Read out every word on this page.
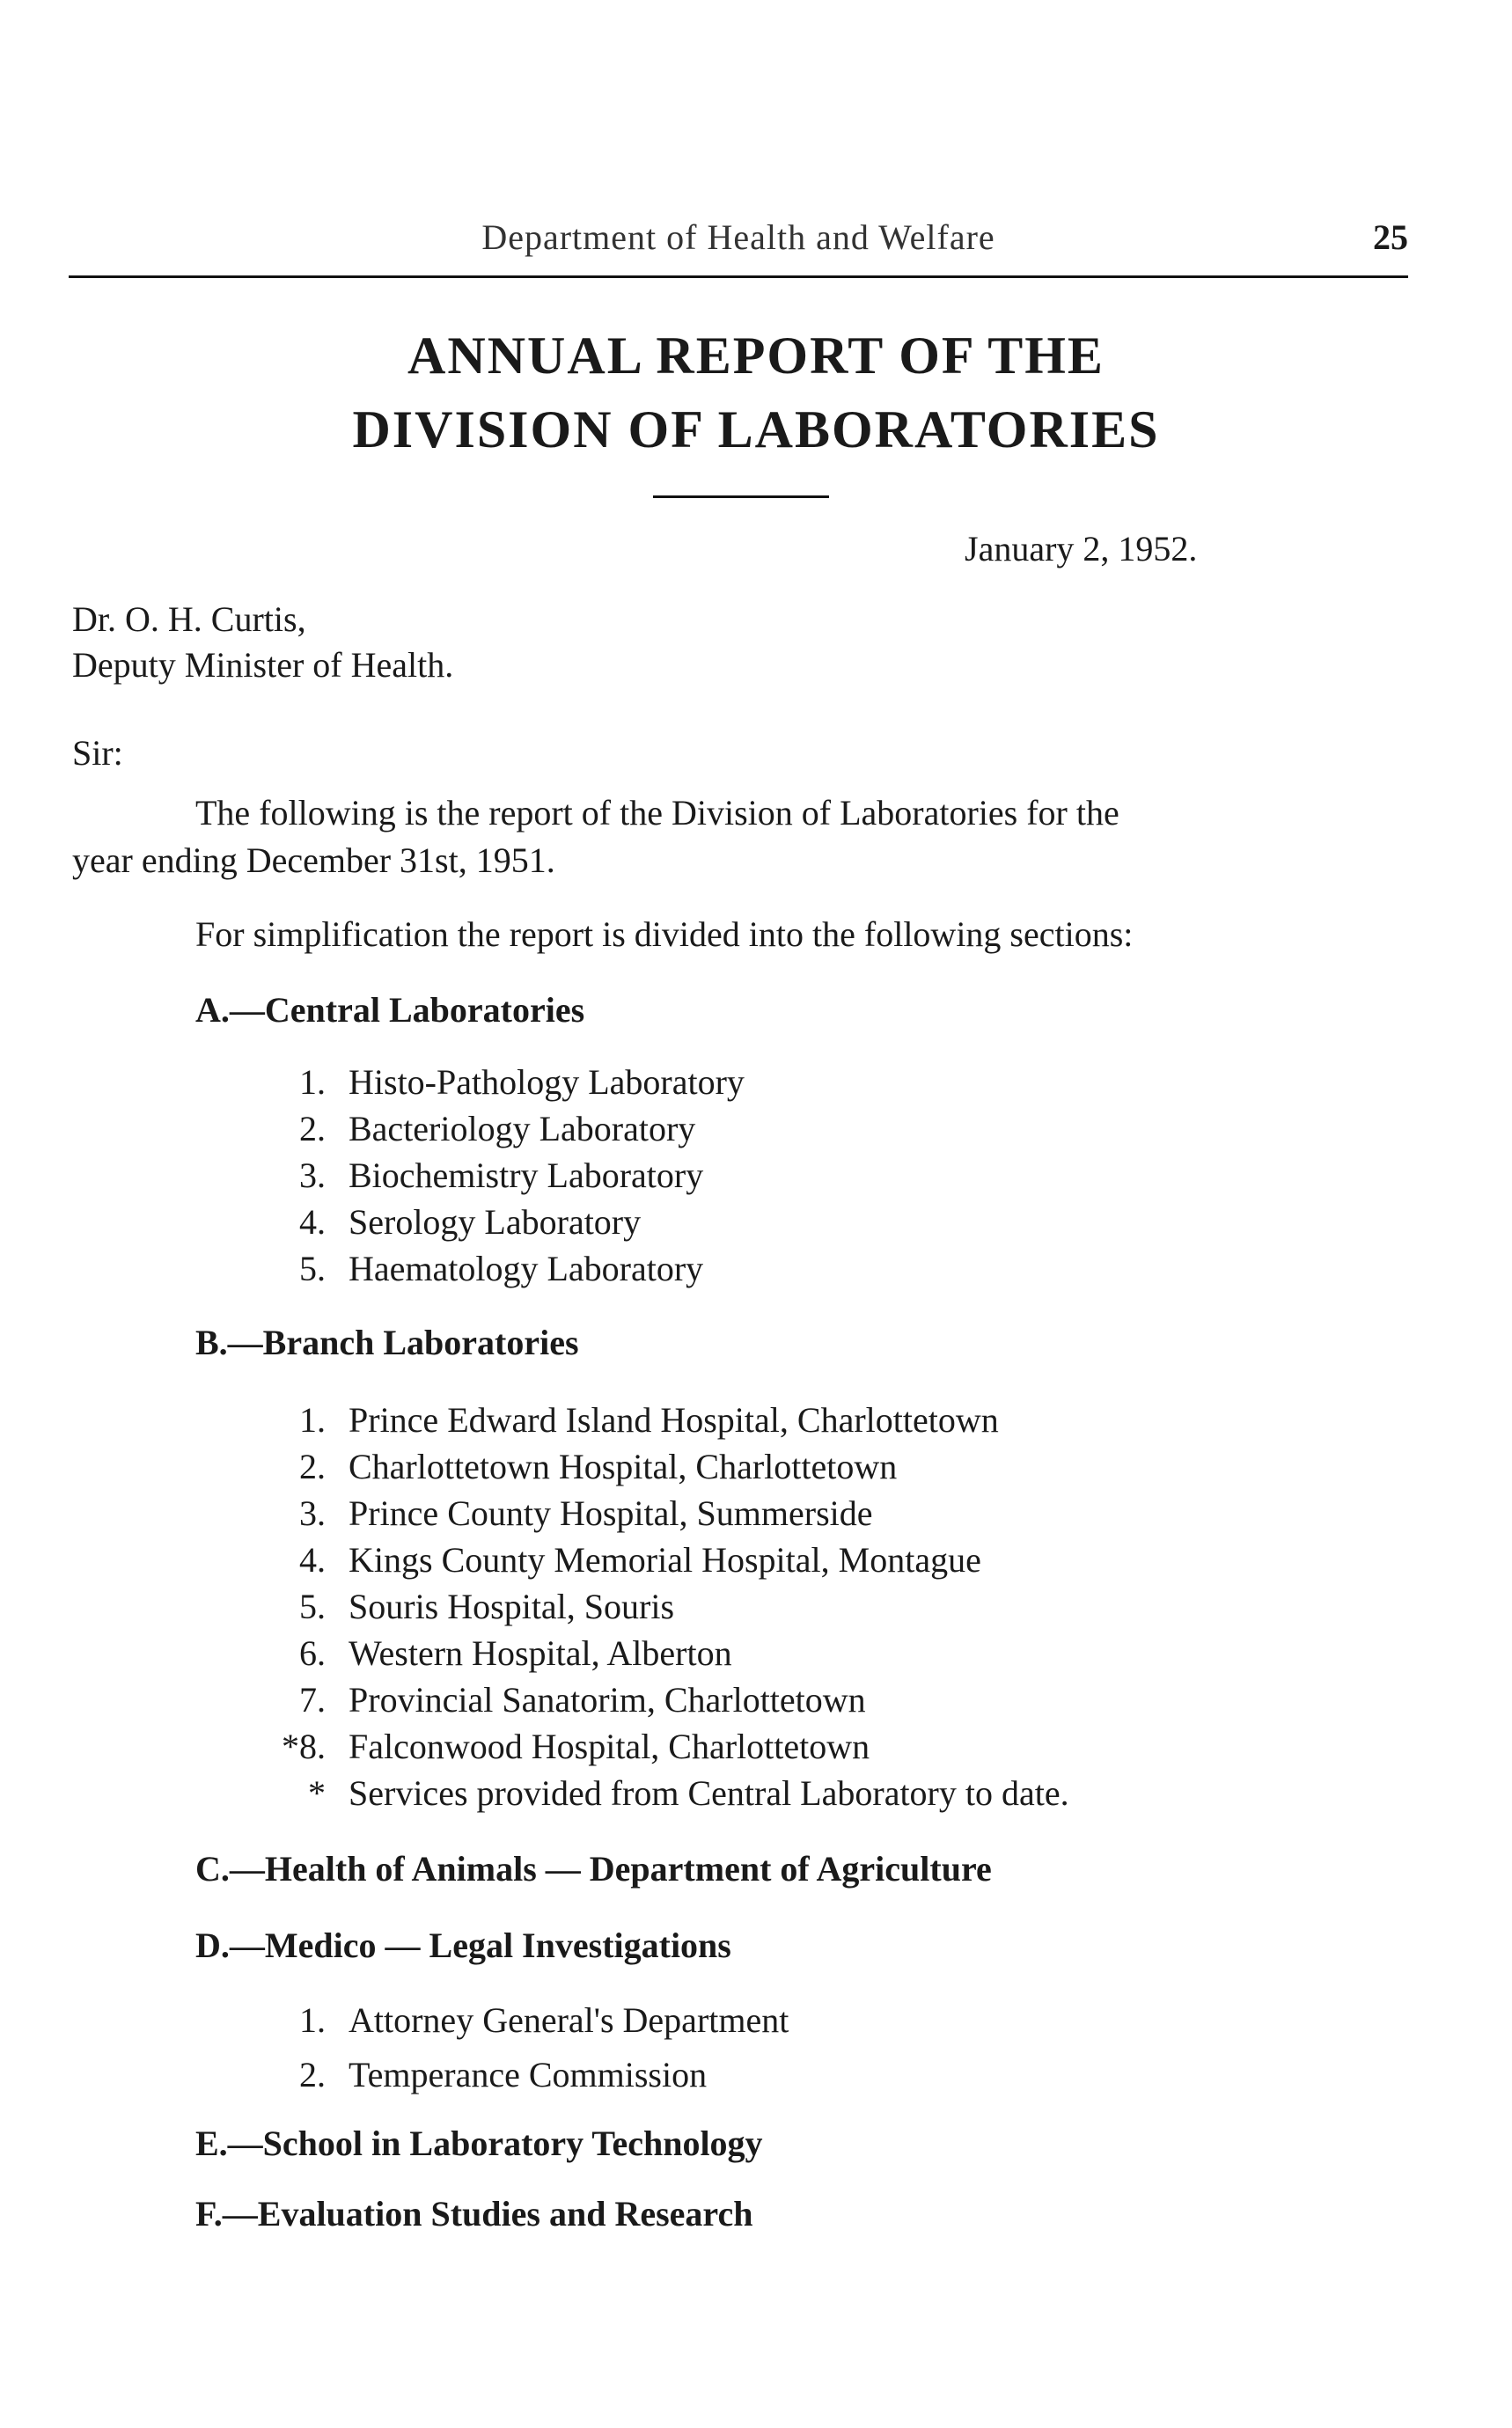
Department of Health and Welfare	25
ANNUAL REPORT OF THE
DIVISION OF LABORATORIES
January 2, 1952.
Dr. O. H. Curtis,
Deputy Minister of Health.
Sir:
The following is the report of the Division of Laboratories for the
year ending December 31st, 1951.
For simplification the report is divided into the following sections:
A.—Central Laboratories
1. Histo-Pathology Laboratory
2. Bacteriology Laboratory
3. Biochemistry Laboratory
4. Serology Laboratory
5. Haematology Laboratory
B.—Branch Laboratories
1. Prince Edward Island Hospital, Charlottetown
2. Charlottetown Hospital, Charlottetown
3. Prince County Hospital, Summerside
4. Kings County Memorial Hospital, Montague
5. Souris Hospital, Souris
6. Western Hospital, Alberton
7. Provincial Sanatorim, Charlottetown
*8. Falconwood Hospital, Charlottetown
* Services provided from Central Laboratory to date.
C.—Health of Animals — Department of Agriculture
D.—Medico — Legal Investigations
1. Attorney General's Department
2. Temperance Commission
E.—School in Laboratory Technology
F.—Evaluation Studies and Research
